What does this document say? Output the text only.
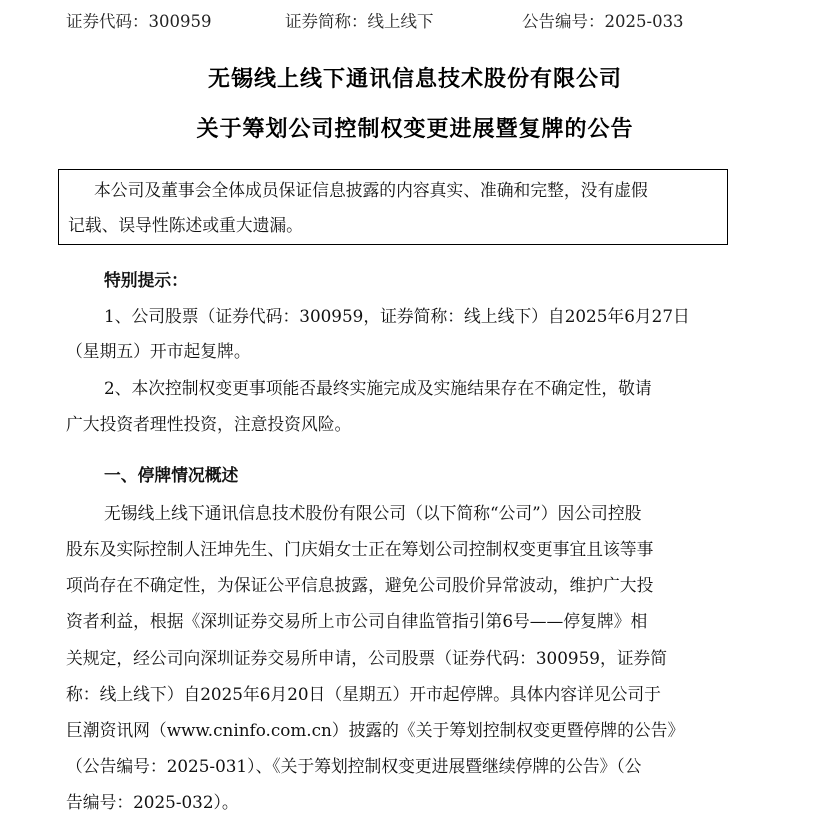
证券代码：300959	证券简称：线上线下	公告编号：2025-033
无锡线上线下通讯信息技术股份有限公司
关于筹划公司控制权变更进展暨复牌的公告
本公司及董事会全体成员保证信息披露的内容真实、准确和完整，没有虚假
记载、误导性陈述或重大遗漏。
特别提示：
1、公司股票（证券代码：300959，证券简称：线上线下）自2025年6月27日
（星期五）开市起复牌。
2、本次控制权变更事项能否最终实施完成及实施结果存在不确定性，敬请
广大投资者理性投资，注意投资风险。
一、停牌情况概述
无锡线上线下通讯信息技术股份有限公司（以下简称“公司”）因公司控股
股东及实际控制人汪坤先生、门庆娟女士正在筹划公司控制权变更事宜且该等事
项尚存在不确定性，为保证公平信息披露，避免公司股价异常波动，维护广大投
资者利益，根据《深圳证券交易所上市公司自律监管指引第6号——停复牌》相
关规定，经公司向深圳证券交易所申请，公司股票（证券代码：300959，证券简
称：线上线下）自2025年6月20日（星期五）开市起停牌。具体内容详见公司于
巨潮资讯网（www.cninfo.com.cn）披露的《关于筹划控制权变更暨停牌的公告》
（公告编号：2025-031）、《关于筹划控制权变更进展暨继续停牌的公告》（公
告编号：2025-032）。
